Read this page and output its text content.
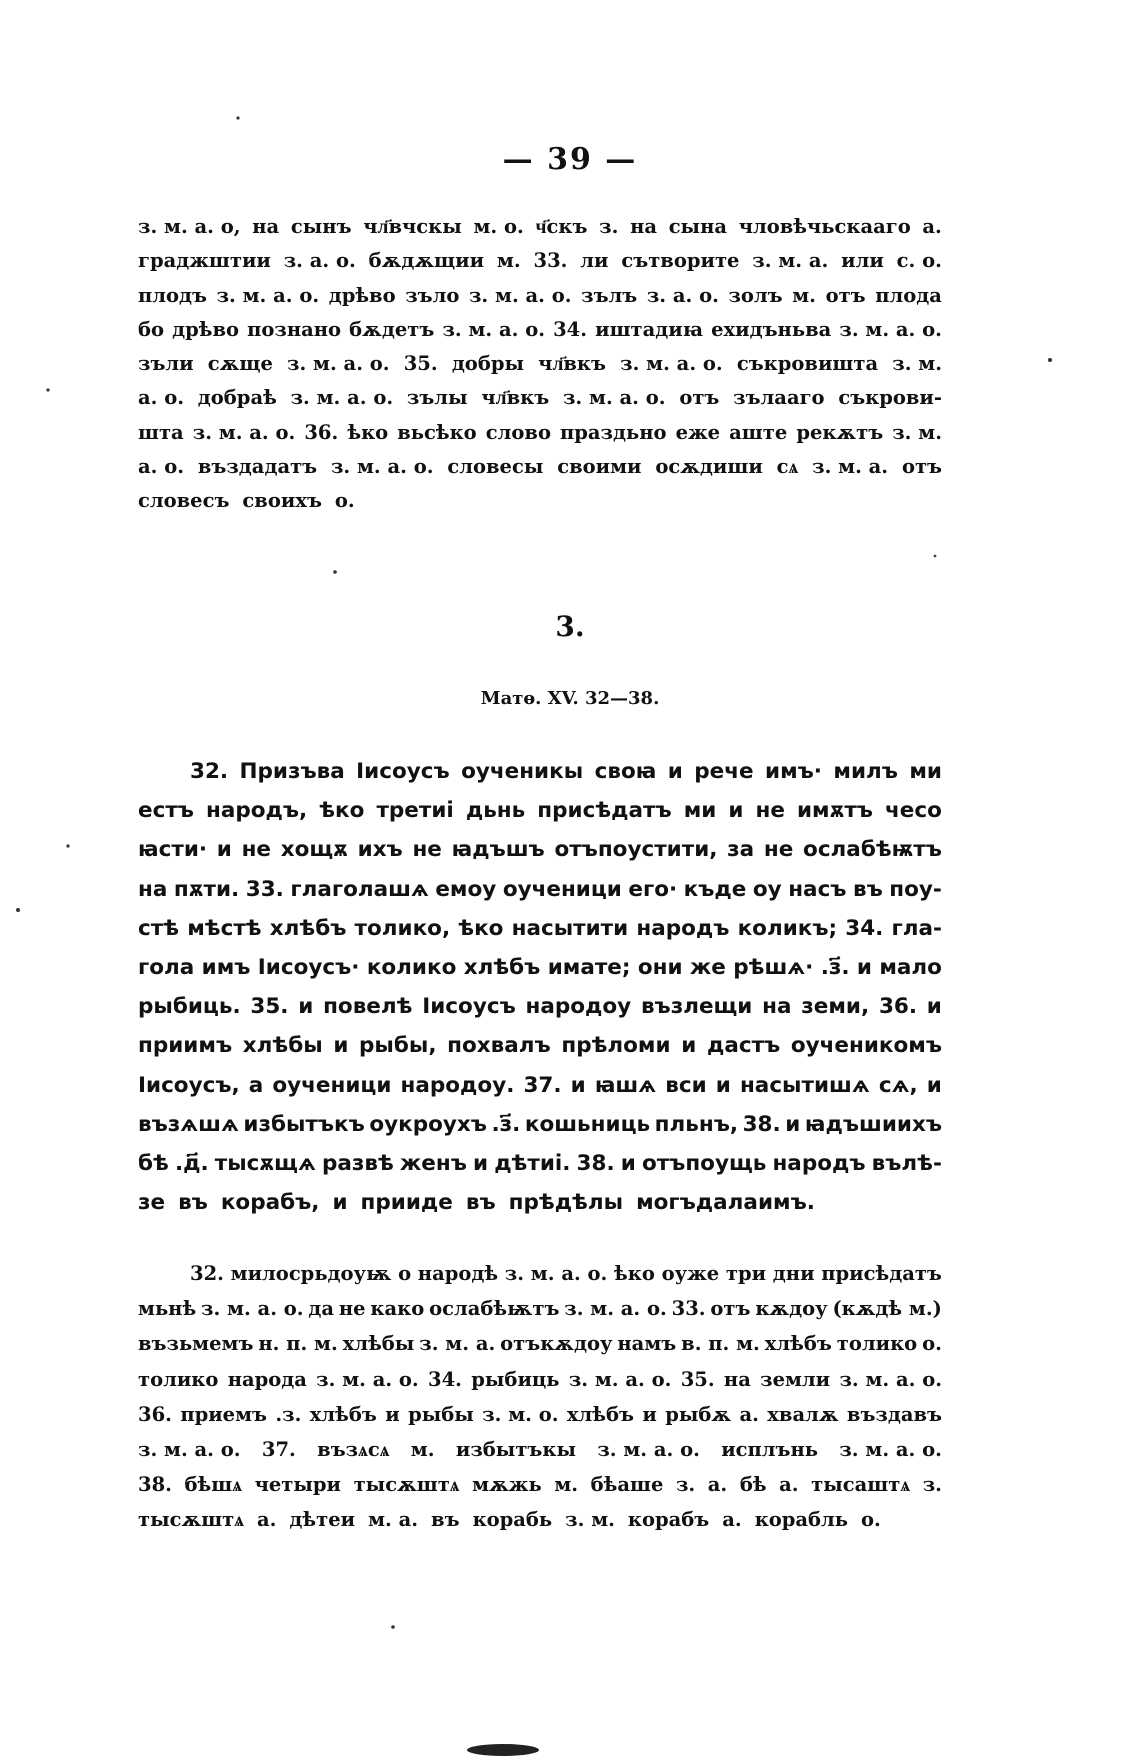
— 39 —
з. м. а. о, на сынъ чл҃вчскы м. о. ч҃скъ з. на сына чловѣчьскааго а.
граджштии з. а. о. бѫдѫщии м. 33. ли сътворите з. м. а. или с. о.
плодъ з. м. а. о. дрѣво зъло з. м. а. о. зълъ з. а. о. золъ м. отъ плода
бо дрѣво познано бѫдетъ з. м. а. о. 34. иштадиꙗ ехидъньва з. м. а. о.
зъли сѫще з. м. а. о. 35. добры чл҃вкъ з. м. а. о. съкровишта з. м.
а. о. добраѣ з. м. а. о. зълы чл҃вкъ з. м. а. о. отъ зълааго съкрови-
шта з. м. а. о. 36. ѣко вьсѣко слово праздьно еже аште рекѫтъ з. м.
а. о. въздадатъ з. м. а. о. словесы своими осѫдиши сѧ з. м. а. отъ
словесъ своихъ о.
3.
Матѳ. XV. 32—38.
32. Призъва Ӏисоусъ оученикы своꙗ и рече имъ· милъ ми
естъ народъ, ѣко третиі дьнь присѣдатъ ми и не имѫтъ чесо
ꙗсти· и не хощѫ ихъ не ꙗдъшъ отъпоустити, за не ослабѣѭтъ
на пѫти. 33. глаголашѧ емоу оученици его· къде оу насъ въ поу-
стѣ мѣстѣ хлѣбъ толико, ѣко насытити народъ коликъ; 34. гла-
гола имъ Ӏисоусъ· колико хлѣбъ имате; они же рѣшѧ· .з҃. и мало
рыбиць. 35. и повелѣ Ӏисоусъ народоу възлещи на земи, 36. и
приимъ хлѣбы и рыбы, похвалъ прѣломи и дастъ оученикомъ
Ӏисоусъ, а оученици народоу. 37. и ꙗшѧ вси и насытишѧ сѧ, и
възѧшѧ избытъкъ оукроухъ .з҃. кошьниць пльнъ, 38. и ꙗдъшиихъ
бѣ .д҃. тысѫщѧ развѣ женъ и дѣтиі. 38. и отъпоущь народъ вълѣ-
зе въ корабъ, и прииде въ прѣдѣлы могъдалаимъ.
32. милосрьдоуѭ о народѣ з. м. а. о. ѣко оуже три дни присѣдатъ
мьнѣ з. м. а. о. да не како ослабѣѭтъ з. м. а. о. 33. отъ кѫдоу (кѫдѣ м.)
възьмемъ н. п. м. хлѣбы з. м. а. отъкѫдоу намъ в. п. м. хлѣбъ толико о.
толико народа з. м. а. о. 34. рыбиць з. м. а. о. 35. на земли з. м. а. о.
36. приемъ .з. хлѣбъ и рыбы з. м. о. хлѣбъ и рыбѫ а. хвалѫ въздавъ
з. м. а. о. 37. възѧсѧ м. избытъкы з. м. а. о. исплънь з. м. а. о.
38. бѣшѧ четыри тысѫштѧ мѫжь м. бѣаше з. а. бѣ а. тысаштѧ з.
тысѫштѧ а. дѣтеи м. а. въ корабь з. м. корабъ а. корабль о.
